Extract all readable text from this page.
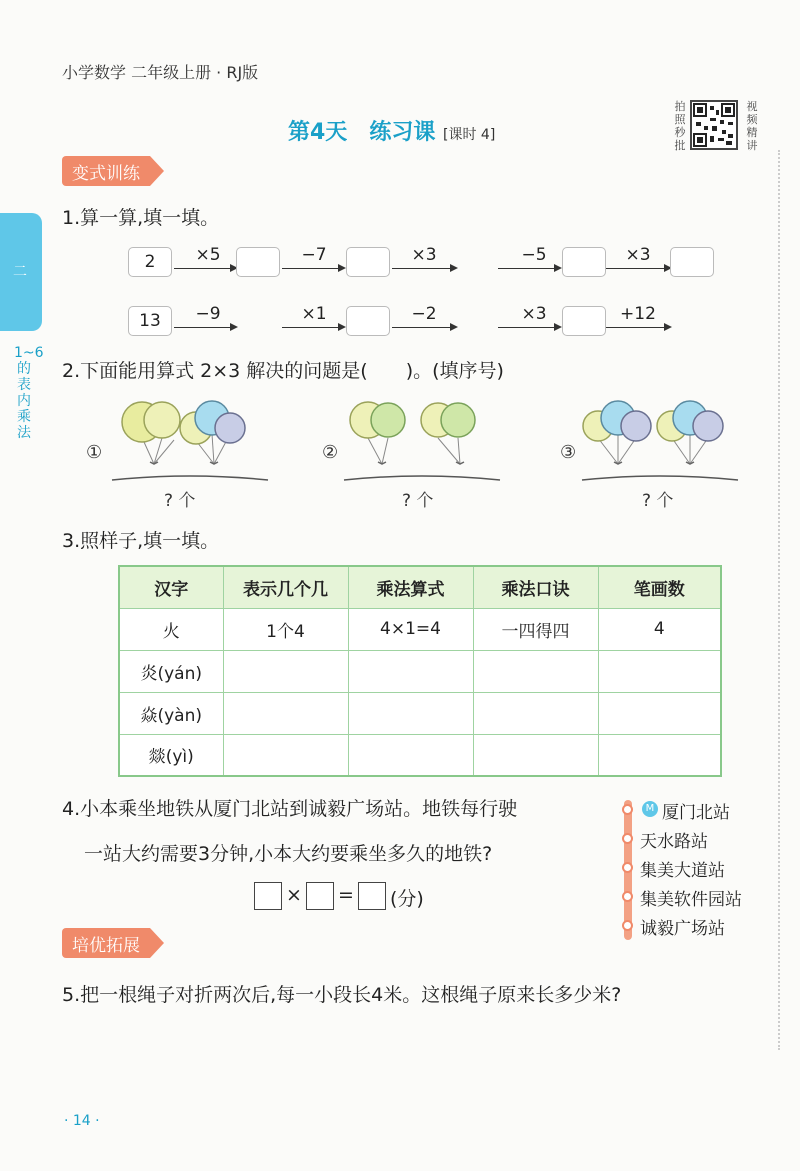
小学数学 二年级上册 · RJ版
第4天 练习课 [课时 4]
拍照秒批
视频精讲
二
1~6的表内乘法
变式训练
1.算一算,填一填。
2	×5	−7	×3	−5	×3
13	−9	×1	−2	×3	+12
2.下面能用算式 2×3 解决的问题是(　　)。(填序号)
①
? 个
②
? 个
③
? 个
3.照样子,填一填。
汉字	表示几个几	乘法算式	乘法口诀	笔画数
火	1个4	4×1=4	一四得四	4
炎(yán)				
焱(yàn)				
燚(yì)				
4.小本乘坐地铁从厦门北站到诚毅广场站。地铁每行驶
一站大约需要3分钟,小本大约要乘坐多久的地铁?
× = (分)
M 厦门北站
天水路站
集美大道站
集美软件园站
诚毅广场站
培优拓展
5.把一根绳子对折两次后,每一小段长4米。这根绳子原来长多少米?
· 14 ·
